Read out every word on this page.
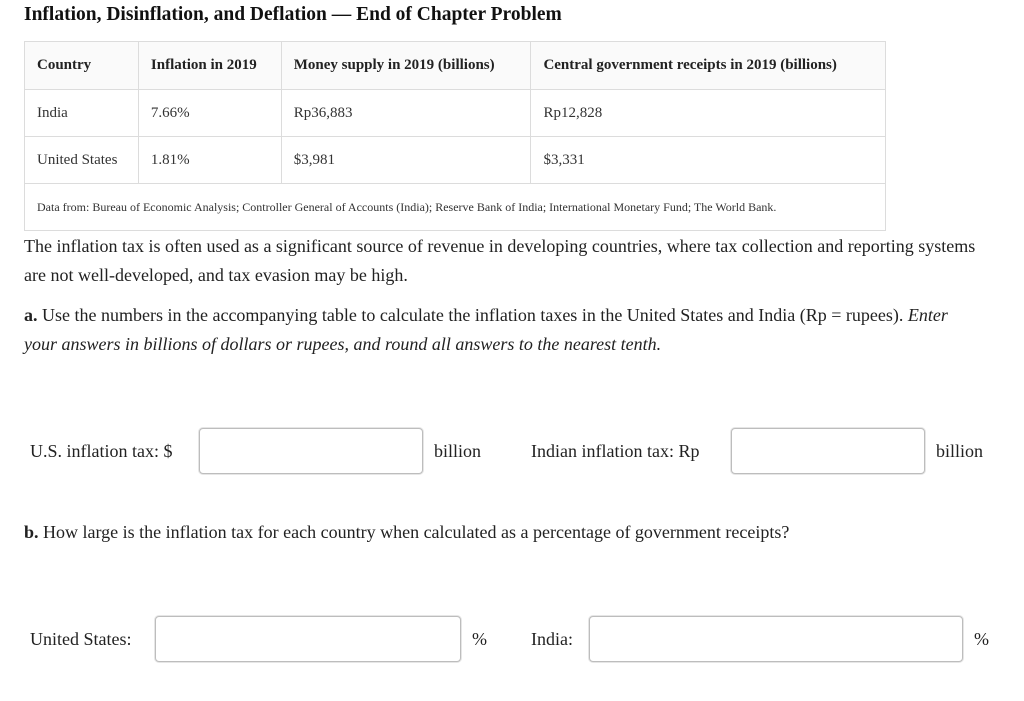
Inflation, Disinflation, and Deflation — End of Chapter Problem
Country	Inflation in 2019	Money supply in 2019 (billions)	Central government receipts in 2019 (billions)
India	7.66%	Rp36,883	Rp12,828
United States	1.81%	$3,981	$3,331
Data from: Bureau of Economic Analysis; Controller General of Accounts (India); Reserve Bank of India; International Monetary Fund; The World Bank.			

The inflation tax is often used as a significant source of revenue in developing countries, where tax collection and reporting systems are not well-developed, and tax evasion may be high.

a. Use the numbers in the accompanying table to calculate the inflation taxes in the United States and India (Rp = rupees). Enter your answers in billions of dollars or rupees, and round all answers to the nearest tenth.

U.S. inflation tax: $	billion	Indian inflation tax: Rp	billion

b. How large is the inflation tax for each country when calculated as a percentage of government receipts?

United States:	% India:	%
